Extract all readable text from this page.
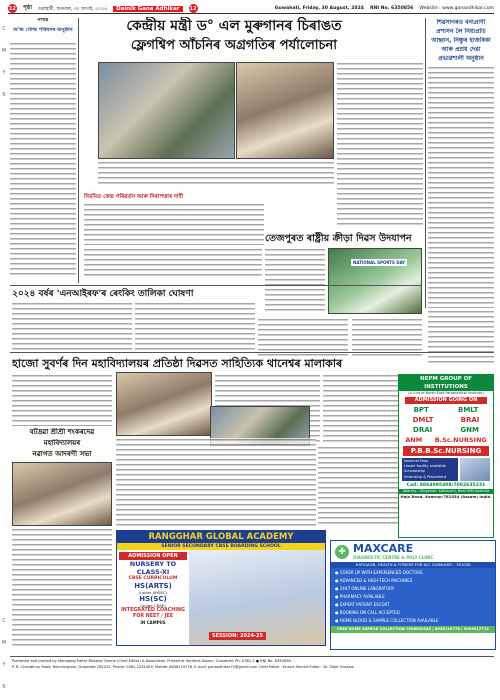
12 পৃষ্ঠা গুৱাহাটী, শুক্ৰবাৰ, ৩০ আগষ্ট, ২০২৪	Dainik Gana Adhikar	12	Guwahati, Friday, 30 August, 2024 RNI No. 6350856 Website : www.ganaadhikar.com
C
M
Y
K
C
M
Y
K
নগাঁৱ
অ'ল্ড গোল্ড পৰিষদৰ অনুষ্ঠান	কেন্দ্ৰীয় মন্ত্ৰী ড° এল মুৰুগানৰ চিৰাঙত
ফ্লেগশ্বিপ আঁচনিৰ অগ্ৰগতিৰ পৰ্যালোচনা
শিৱসাগৰত বন্যপ্ৰাণী
প্ৰশাসন লৈ নিয়াপ্ৰতি
আহ্বান, নিষ্ণুৰ হাজৰিকা
আৰু প্ৰশ্ৰয় দেৱা
প্ৰভাৱশালী অনুষ্ঠান
নিয়মিত কেন্দ্ৰ পৰিৱৰ্তন আৰু নিৰাপত্তাৰ দাবী
তেজপুৰত ৰাষ্ট্ৰীয় ক্ৰীড়া দিৱস উদযাপন
NATIONAL SPORTS DAY
২০২৪ বৰ্ষৰ 'এনআইৰফ'ৰ ৰেংকিং তালিকা ঘোষণা
হাজো সুবৰ্ণৰ দিন মহাবিদ্যালয়ৰ প্ৰতিষ্ঠা দিৱসত সাহিত্যিক থানেশ্বৰ মালাকাৰ
NEPM GROUP OF INSTITUTIONS
(A Unit of North East Paramedical Institute)
ADMISSION GOING ON
BPT	BMLT
DMLT	BRAI
DRAI	GNM
ANM B.Sc.NURSING
P.B.B.Sc.NURSING
Nominal Fees
Hostel facility available
Scholarship
Internship & Placement
Call: 8864995408/7002635231
Address : Singimari, Kahikuchi, Near IBM Institute
Hajo Road, Kamrup-781034 (Assam) India.
বটদ্ৰৱা শ্ৰীশ্ৰী শংকৰদেৱ
মহাবিদ্যালয়ৰ
নৱাগত আদৰণী সভা
RANGGHAR GLOBAL ACADEMY
SENIOR SECONDARY CBSE BOARDING SCHOOL
ADMISSION OPEN
NURSERY TO CLASS-XI
CBSE CURRICULUM
HS(ARTS)
(under AHSEC)
HS(SC)
(under CBSE)
INTEGRATED COACHING FOR NEET / JEE
IN CAMPUS
SESSION: 2024-25
✚ MAXCARE
DIAGNOSTIC CENTRE & POLY CLINIC
HATIGAON, HEALTH & FITNESS FOR ALL GUWAHATI - 781038
● COVER UP WITH EXPERIENCED DOCTORS
● ADVANCED & HIGH-TECH MACHINES
● 24X7 ONLINE LABORATORY
● PHARMACY AVAILABLE
● EXPERT PATIENT ESCORT
● BOOKING ON CALL ACCEPTED
● HOME BLOOD & SAMPLE COLLECTION AVAILABLE
FREE HOME SAMPLE COLLECTION 7636002545 | 8638119776 | 9099917772
Published and printed by Managing Editor Bhaskar Sarma (Chief Editor) & Associates. Printed at Sentinel Assam, Guwahati. Ph: 0361-2 ● RNI No. 6350856.
P. R. Chaudhury Road, Rukminigaon, Guwahati-781022. Phone: 0361-2231459, Mobile: 8638119776. E-mail: ganaadhikar72@gmail.com Chief Editor : Khasir Ahmed Editor : Dr. Zakir Hussain
